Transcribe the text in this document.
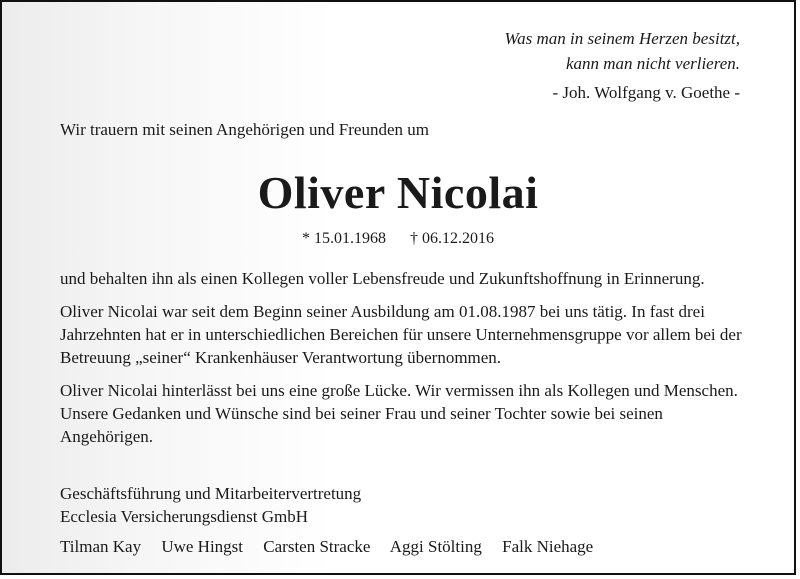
Was man in seinem Herzen besitzt,
kann man nicht verlieren.
- Joh. Wolfgang v. Goethe -
Wir trauern mit seinen Angehörigen und Freunden um
Oliver Nicolai
* 15.01.1968 † 06.12.2016

und behalten ihn als einen Kollegen voller Lebensfreude und Zukunftshoffnung in Erinnerung.

Oliver Nicolai war seit dem Beginn seiner Ausbildung am 01.08.1987 bei uns tätig. In fast drei Jahrzehnten hat er in unterschiedlichen Bereichen für unsere Unternehmensgruppe vor allem bei der Betreuung „seiner“ Krankenhäuser Verantwortung übernommen.

Oliver Nicolai hinterlässt bei uns eine große Lücke. Wir vermissen ihn als Kollegen und Menschen. Unsere Gedanken und Wünsche sind bei seiner Frau und seiner Tochter sowie bei seinen Angehörigen.

Geschäftsführung und Mitarbeitervertretung
Ecclesia Versicherungsdienst GmbH
Tilman Kay Uwe Hingst Carsten Stracke Aggi Stölting Falk Niehage
